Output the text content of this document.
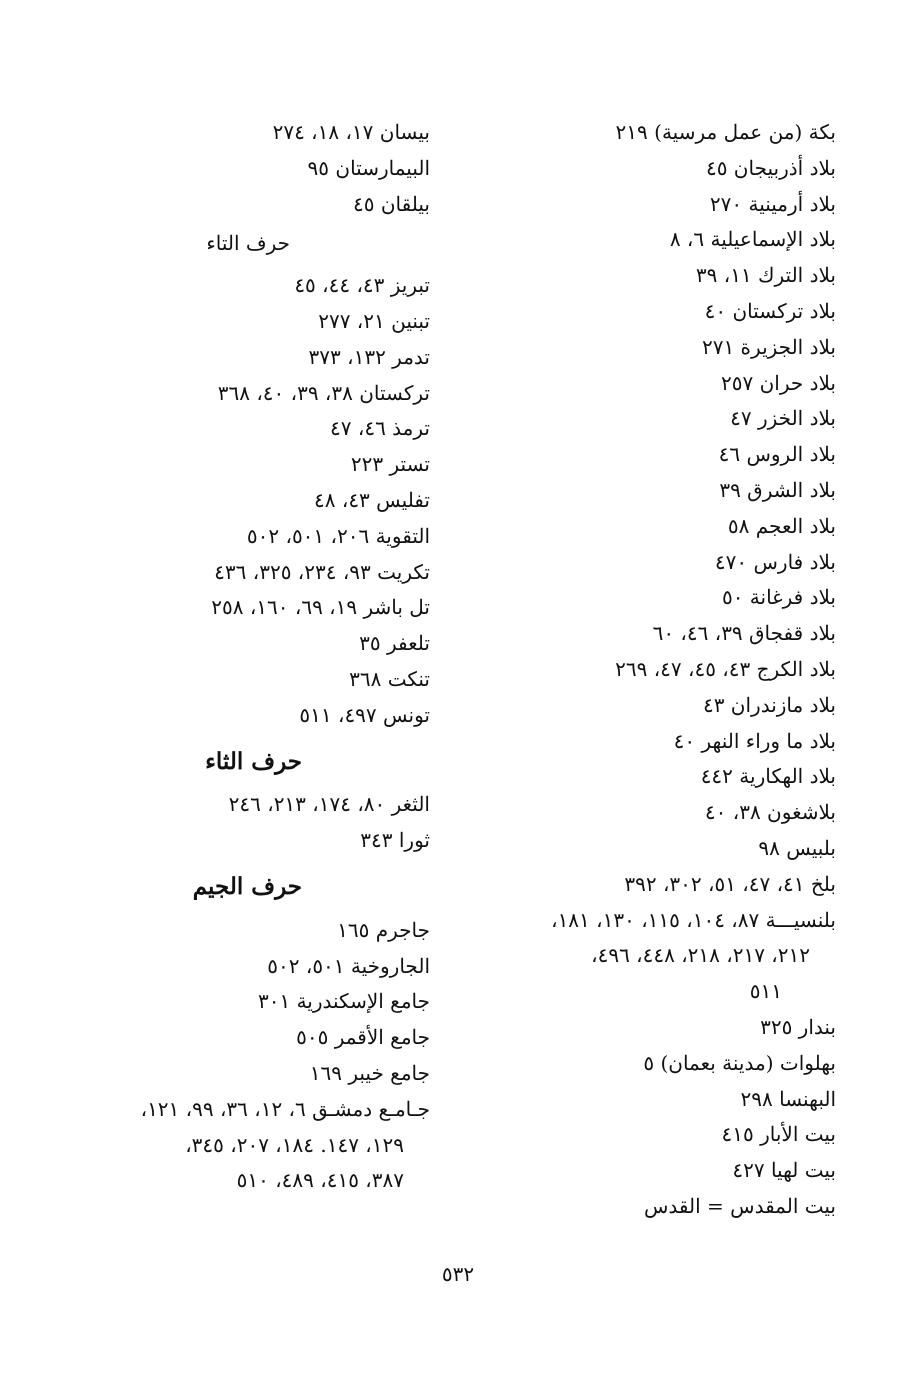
بكة (من عمل مرسية) ٢١٩
بلاد أذربيجان ٤٥
بلاد أرمينية ٢٧٠
بلاد الإسماعيلية ٦، ٨
بلاد الترك ١١، ٣٩
بلاد تركستان ٤٠
بلاد الجزيرة ٢٧١
بلاد حران ٢٥٧
بلاد الخزر ٤٧
بلاد الروس ٤٦
بلاد الشرق ٣٩
بلاد العجم ٥٨
بلاد فارس ٤٧٠
بلاد فرغانة ٥٠
بلاد قفجاق ٣٩، ٤٦، ٦٠
بلاد الكرج ٤٣، ٤٥، ٤٧، ٢٦٩
بلاد مازندران ٤٣
بلاد ما وراء النهر ٤٠
بلاد الهكارية ٤٤٢
بلاشغون ٣٨، ٤٠
بلبيس ٩٨
بلخ ٤١، ٤٧، ٥١، ٣٠٢، ٣٩٢
بلنسيـــة ٨٧، ١٠٤، ١١٥، ١٣٠، ١٨١،
٢١٢، ٢١٧، ٢١٨، ٤٤٨، ٤٩٦،
٥١١
بندار ٣٢٥
بهلوات (مدينة بعمان) ٥
البهنسا ٢٩٨
بيت الأبار ٤١٥
بيت لهيا ٤٢٧
بيت المقدس = القدس
بيسان ١٧، ١٨، ٢٧٤
البيمارستان ٩٥
بيلقان ٤٥
حرف التاء
تبريز ٤٣، ٤٤، ٤٥
تبنين ٢١، ٢٧٧
تدمر ١٣٢، ٣٧٣
تركستان ٣٨، ٣٩، ٤٠، ٣٦٨
ترمذ ٤٦، ٤٧
تستر ٢٢٣
تفليس ٤٣، ٤٨
التقوية ٢٠٦، ٥٠١، ٥٠٢
تكريت ٩٣، ٢٣٤، ٣٢٥، ٤٣٦
تل باشر ١٩، ٦٩، ١٦٠، ٢٥٨
تلعفر ٣٥
تنكت ٣٦٨
تونس ٤٩٧، ٥١١
حرف الثاء
الثغر ٨٠، ١٧٤، ٢١٣، ٢٤٦
ثورا ٣٤٣
حرف الجيم
جاجرم ١٦٥
الجاروخية ٥٠١، ٥٠٢
جامع الإسكندرية ٣٠١
جامع الأقمر ٥٠٥
جامع خيبر ١٦٩
جـامـع دمشـق ٦، ١٢، ٣٦، ٩٩، ١٢١،
١٢٩، ١٤٧. ١٨٤، ٢٠٧، ٣٤٥،
٣٨٧، ٤١٥، ٤٨٩، ٥١٠
٥٣٢
